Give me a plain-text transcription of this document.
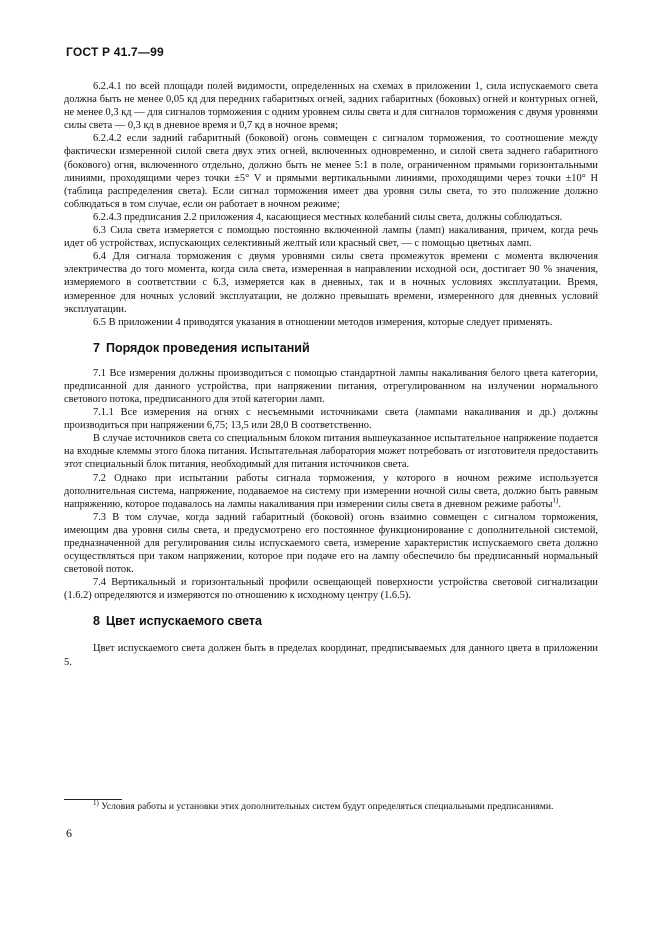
ГОСТ Р 41.7—99

6.2.4.1 по всей площади полей видимости, определенных на схемах в приложении 1, сила испускаемого света должна быть не менее 0,05 кд для передних габаритных огней, задних габаритных (боковых) огней и контурных огней, не менее 0,3 кд — для сигналов торможения с одним уровнем силы света и для сигналов торможения с двумя уровнями силы света — 0,3 кд в дневное время и 0,7 кд в ночное время;

6.2.4.2 если задний габаритный (боковой) огонь совмещен с сигналом торможения, то соотношение между фактически измеренной силой света двух этих огней, включенных одновременно, и силой света заднего габаритного (бокового) огня, включенного отдельно, должно быть не менее 5:1 в поле, ограниченном прямыми горизонтальными линиями, проходящими через точки ±5° V и прямыми вертикальными линиями, проходящими через точки ±10° H (таблица распределения света). Если сигнал торможения имеет два уровня силы света, то это положение должно соблюдаться в том случае, если он работает в ночном режиме;

6.2.4.3 предписания 2.2 приложения 4, касающиеся местных колебаний силы света, должны соблюдаться.

6.3 Сила света измеряется с помощью постоянно включенной лампы (ламп) накаливания, причем, когда речь идет об устройствах, испускающих селективный желтый или красный свет, — с помощью цветных ламп.

6.4 Для сигнала торможения с двумя уровнями силы света промежуток времени с момента включения электричества до того момента, когда сила света, измеренная в направлении исходной оси, достигает 90 % значения, измеряемого в соответствии с 6.3, измеряется как в дневных, так и в ночных условиях эксплуатации. Время, измеренное для ночных условий эксплуатации, не должно превышать времени, измеренного для дневных условий эксплуатации.

6.5 В приложении 4 приводятся указания в отношении методов измерения, которые следует применять.

7 Порядок проведения испытаний

7.1 Все измерения должны производиться с помощью стандартной лампы накаливания белого цвета категории, предписанной для данного устройства, при напряжении питания, отрегулированном на излучении нормального светового потока, предписанного для этой категории ламп.

7.1.1 Все измерения на огнях с несъемными источниками света (лампами накаливания и др.) должны производиться при напряжении 6,75; 13,5 или 28,0 В соответственно.

В случае источников света со специальным блоком питания вышеуказанное испытательное напряжение подается на входные клеммы этого блока питания. Испытательная лаборатория может потребовать от изготовителя предоставить этот специальный блок питания, необходимый для питания источников света.

7.2 Однако при испытании работы сигнала торможения, у которого в ночном режиме используется дополнительная система, напряжение, подаваемое на систему при измерении ночной силы света, должно быть равным напряжению, которое подавалось на лампы накаливания при измерении силы света в дневном режиме работы$^{1)}$.

7.3 В том случае, когда задний габаритный (боковой) огонь взаимно совмещен с сигналом торможения, имеющим два уровня силы света, и предусмотрено его постоянное функционирование с дополнительной системой, предназначенной для регулирования силы испускаемого света, измерение характеристик испускаемого света должно осуществляться при таком напряжении, которое при подаче его на лампу обеспечило бы предписанный нормальный световой поток.

7.4 Вертикальный и горизонтальный профили освещающей поверхности устройства световой сигнализации (1.6.2) определяются и измеряются по отношению к исходному центру (1.6.5).

8 Цвет испускаемого света

Цвет испускаемого света должен быть в пределах координат, предписываемых для данного цвета в приложении 5.

$^{1)}$ Условия работы и установки этих дополнительных систем будут определяться специальными предписаниями.
6
